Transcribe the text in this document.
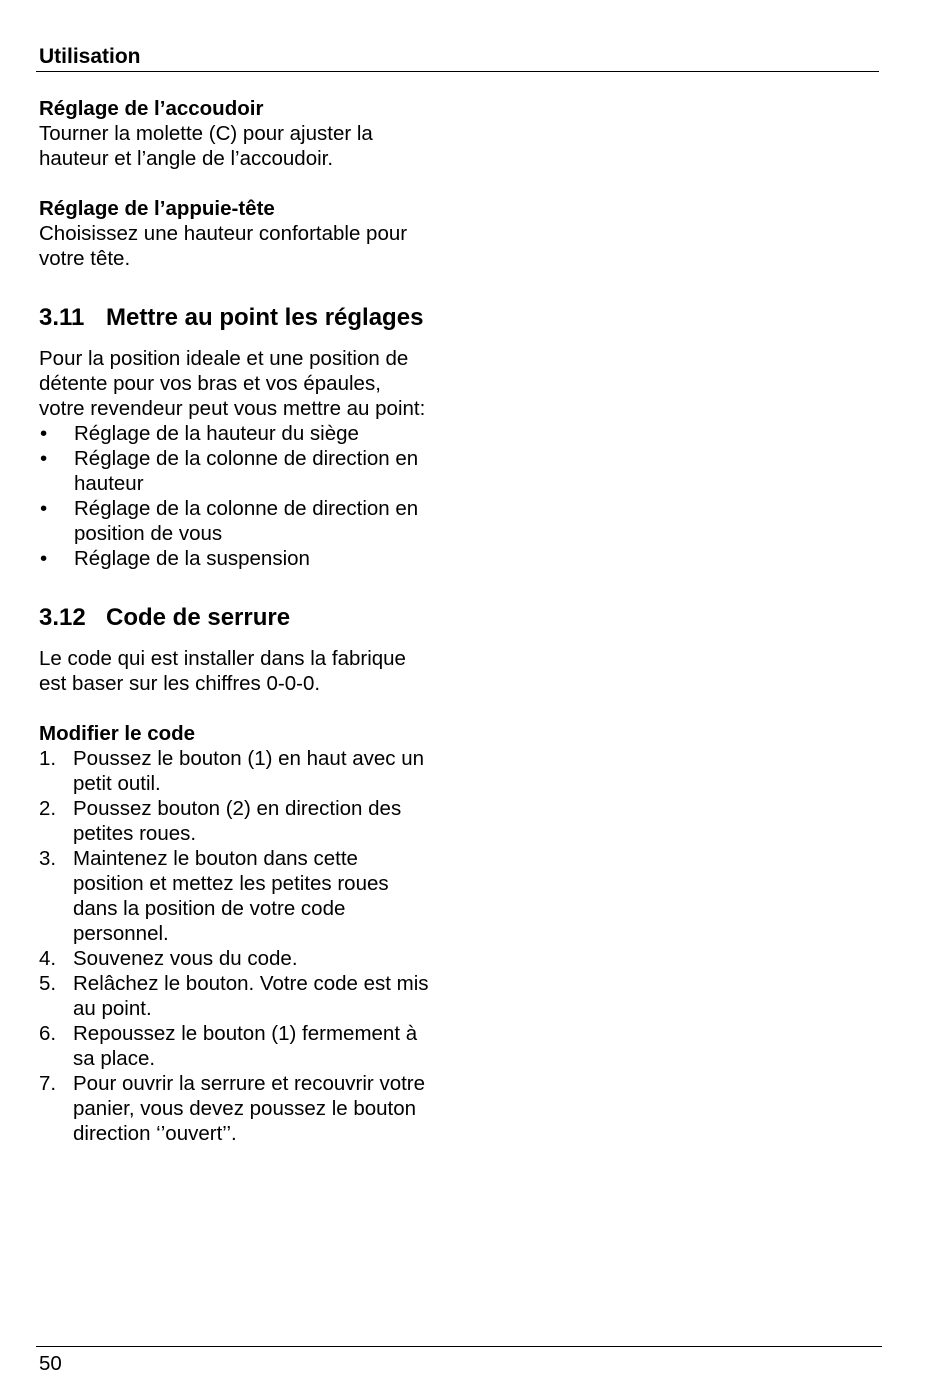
Utilisation

Réglage de l’accoudoir

Tourner la molette (C) pour ajuster la hauteur et l’angle de l’accoudoir.

Réglage de l’appuie-tête

Choisissez une hauteur confortable pour votre tête.

3.11 Mettre au point les réglages

Pour la position ideale et une position de détente pour vos bras et vos épaules, votre revendeur peut vous mettre au point:

•	Réglage de la hauteur du siège
•	Réglage de la colonne de direction en hauteur
•	Réglage de la colonne de direction en position de vous
•	Réglage de la suspension
3.12 Code de serrure

Le code qui est installer dans la fabrique est baser sur les chiffres 0-0-0.

Modifier le code

1. Poussez le bouton (1) en haut avec un petit outil.
2. Poussez bouton (2) en direction des petites roues.
3. Maintenez le bouton dans cette position et mettez les petites roues dans la position de votre code personnel.
4. Souvenez vous du code.
5. Relâchez le bouton. Votre code est mis au point.
6. Repoussez le bouton (1) fermement à sa place.
7. Pour ouvrir la serrure et recouvrir votre panier, vous devez poussez le bouton direction ‘’ouvert’’.
50
